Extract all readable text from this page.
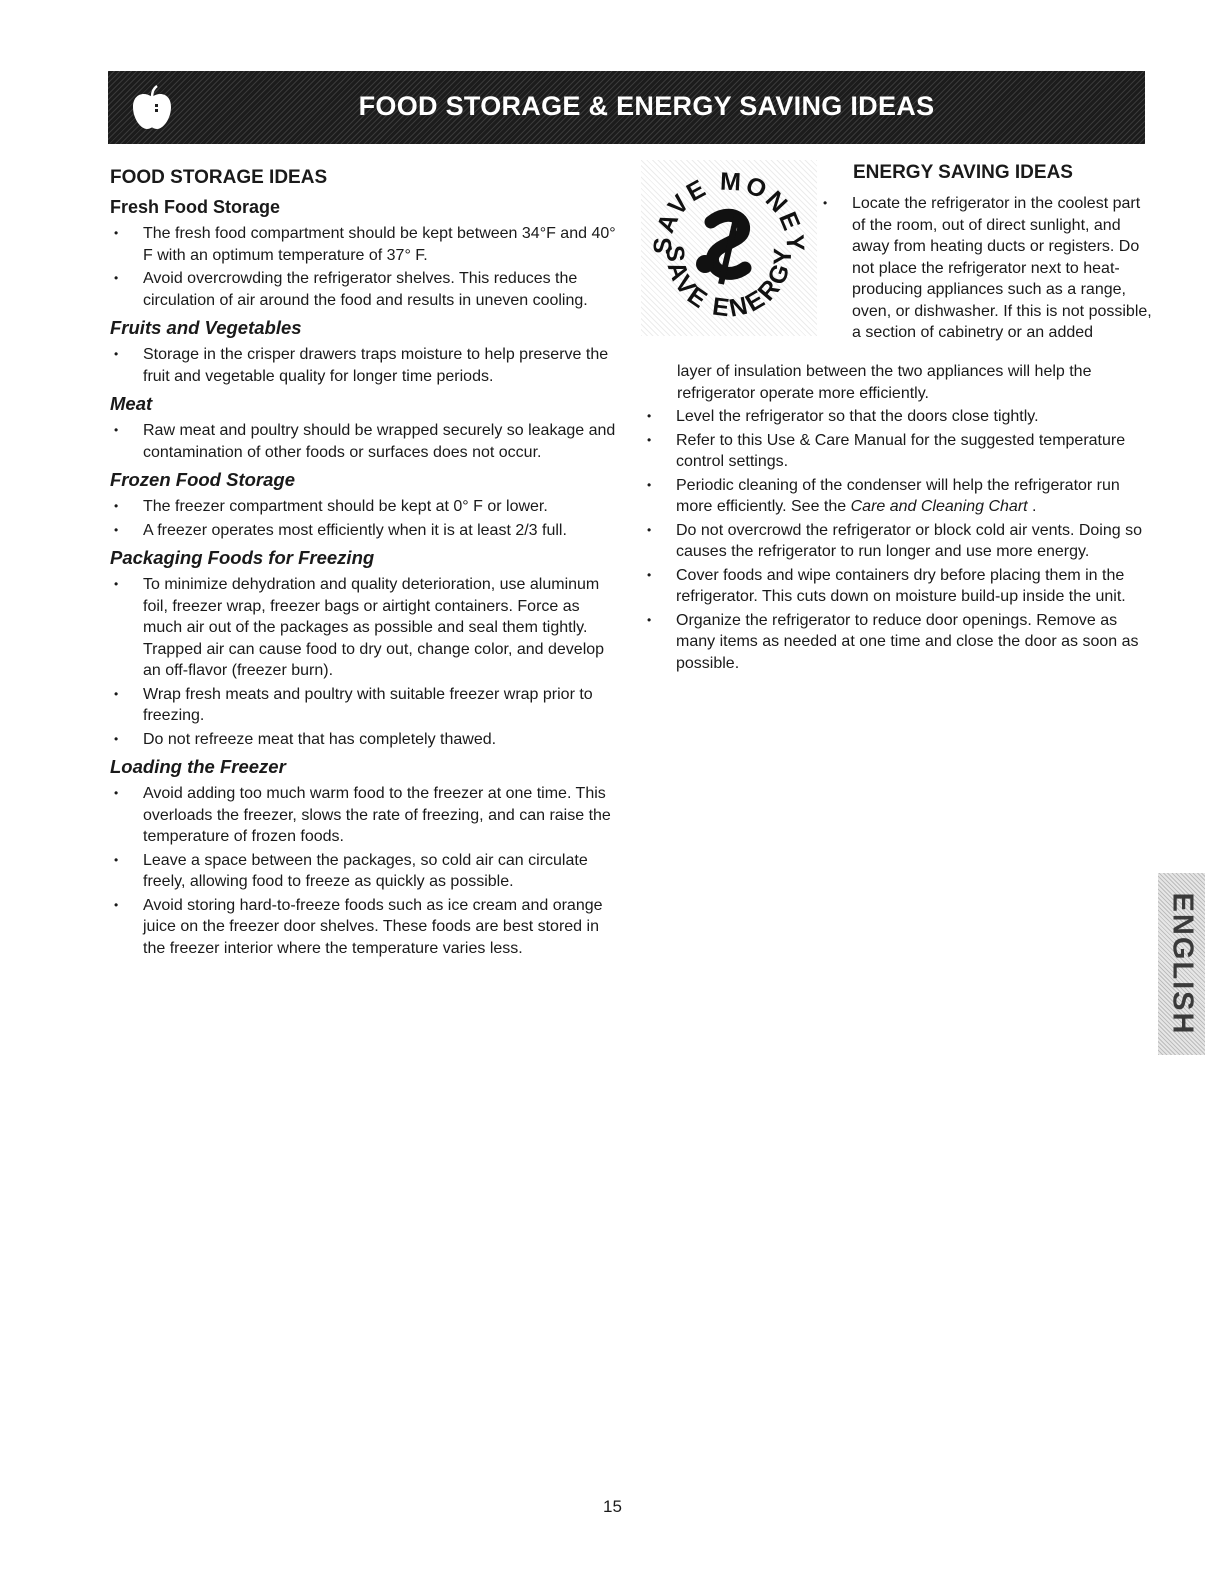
FOOD STORAGE & ENERGY SAVING IDEAS
FOOD STORAGE IDEAS
Fresh Food Storage
• The fresh food compartment should be kept between 34°F and 40° F with an optimum temperature of 37° F.
• Avoid overcrowding the refrigerator shelves. This reduces the circulation of air around the food and results in uneven cooling.
Fruits and Vegetables
• Storage in the crisper drawers traps moisture to help preserve the fruit and vegetable quality for longer time periods.
Meat
• Raw meat and poultry should be wrapped securely so leakage and contamination of other foods or surfaces does not occur.
Frozen Food Storage
• The freezer compartment should be kept at 0° F or lower.
• A freezer operates most efficiently when it is at least 2/3 full.
Packaging Foods for Freezing
• To minimize dehydration and quality deterioration, use aluminum foil, freezer wrap, freezer bags or airtight containers. Force as much air out of the packages as possible and seal them tightly. Trapped air can cause food to dry out, change color, and develop an off-flavor (freezer burn).
• Wrap fresh meats and poultry with suitable freezer wrap prior to freezing.
• Do not refreeze meat that has completely thawed.
Loading the Freezer
• Avoid adding too much warm food to the freezer at one time. This overloads the freezer, slows the rate of freezing, and can raise the temperature of frozen foods.
• Leave a space between the packages, so cold air can circulate freely, allowing food to freeze as quickly as possible.
• Avoid storing hard-to-freeze foods such as ice cream and orange juice on the freezer door shelves. These foods are best stored in the freezer interior where the temperature varies less.
SAVE MONEY
SAVE ENERGY
ENERGY SAVING IDEAS
• Locate the refrigerator in the coolest part of the room, out of direct sunlight, and away from heating ducts or registers. Do not place the refrigerator next to heat-producing appliances such as a range, oven, or dishwasher. If this is not possible, a section of cabinetry or an added
layer of insulation between the two appliances will help the refrigerator operate more efficiently.
• Level the refrigerator so that the doors close tightly.
• Refer to this Use & Care Manual for the suggested temperature control settings.
• Periodic cleaning of the condenser will help the refrigerator run more efficiently. See the Care and Cleaning Chart .
• Do not overcrowd the refrigerator or block cold air vents. Doing so causes the refrigerator to run longer and use more energy.
• Cover foods and wipe containers dry before placing them in the refrigerator. This cuts down on moisture build-up inside the unit.
• Organize the refrigerator to reduce door openings. Remove as many items as needed at one time and close the door as soon as possible.
ENGLISH
15
